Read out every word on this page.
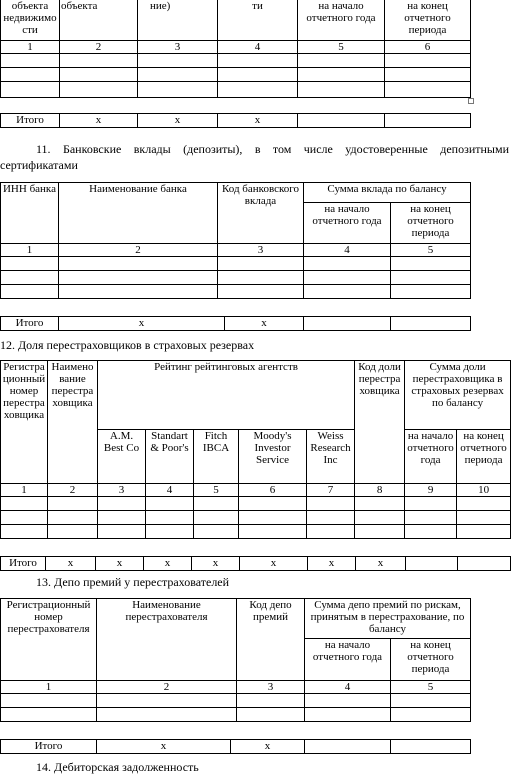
объекта недвижимости	объекта	ние)	ти	на начало отчетного года	на конец отчетного периода
1	2	3	4	5	6

Итого	x	x	x		
11. Банковские вклады (депозиты), в том числе удостоверенные депозитными сертификатами
ИНН банка	Наименование банка	Код банковского вклада	Сумма вклада по балансу	
			на начало отчетного года	на конец отчетного периода
1	2	3	4	5

Итого	x	x		
12. Доля перестраховщиков в страховых резервах
Регистрационный номер перестраховщика	Наименование перестраховщика	Рейтинг рейтинговых агентств					Код доли перестраховщика	Сумма доли перестраховщика в страховых резервах по балансу	
		A.M. Best Co	Standart & Poor's	Fitch IBCA	Moody's Investor Service	Weiss Research Inc		на начало отчетного года	на конец отчетного периода
1	2	3	4	5	6	7	8	9	10

Итого	x	x	x	x	x	x	x		
13. Депо премий у перестрахователей
Регистрационный номер перестрахователя	Наименование перестрахователя	Код депо премий	Сумма депо премий по рискам, принятым в перестрахование, по балансу	
			на начало отчетного года	на конец отчетного периода
1	2	3	4	5

Итого	x	x		
14. Дебиторская задолженность
